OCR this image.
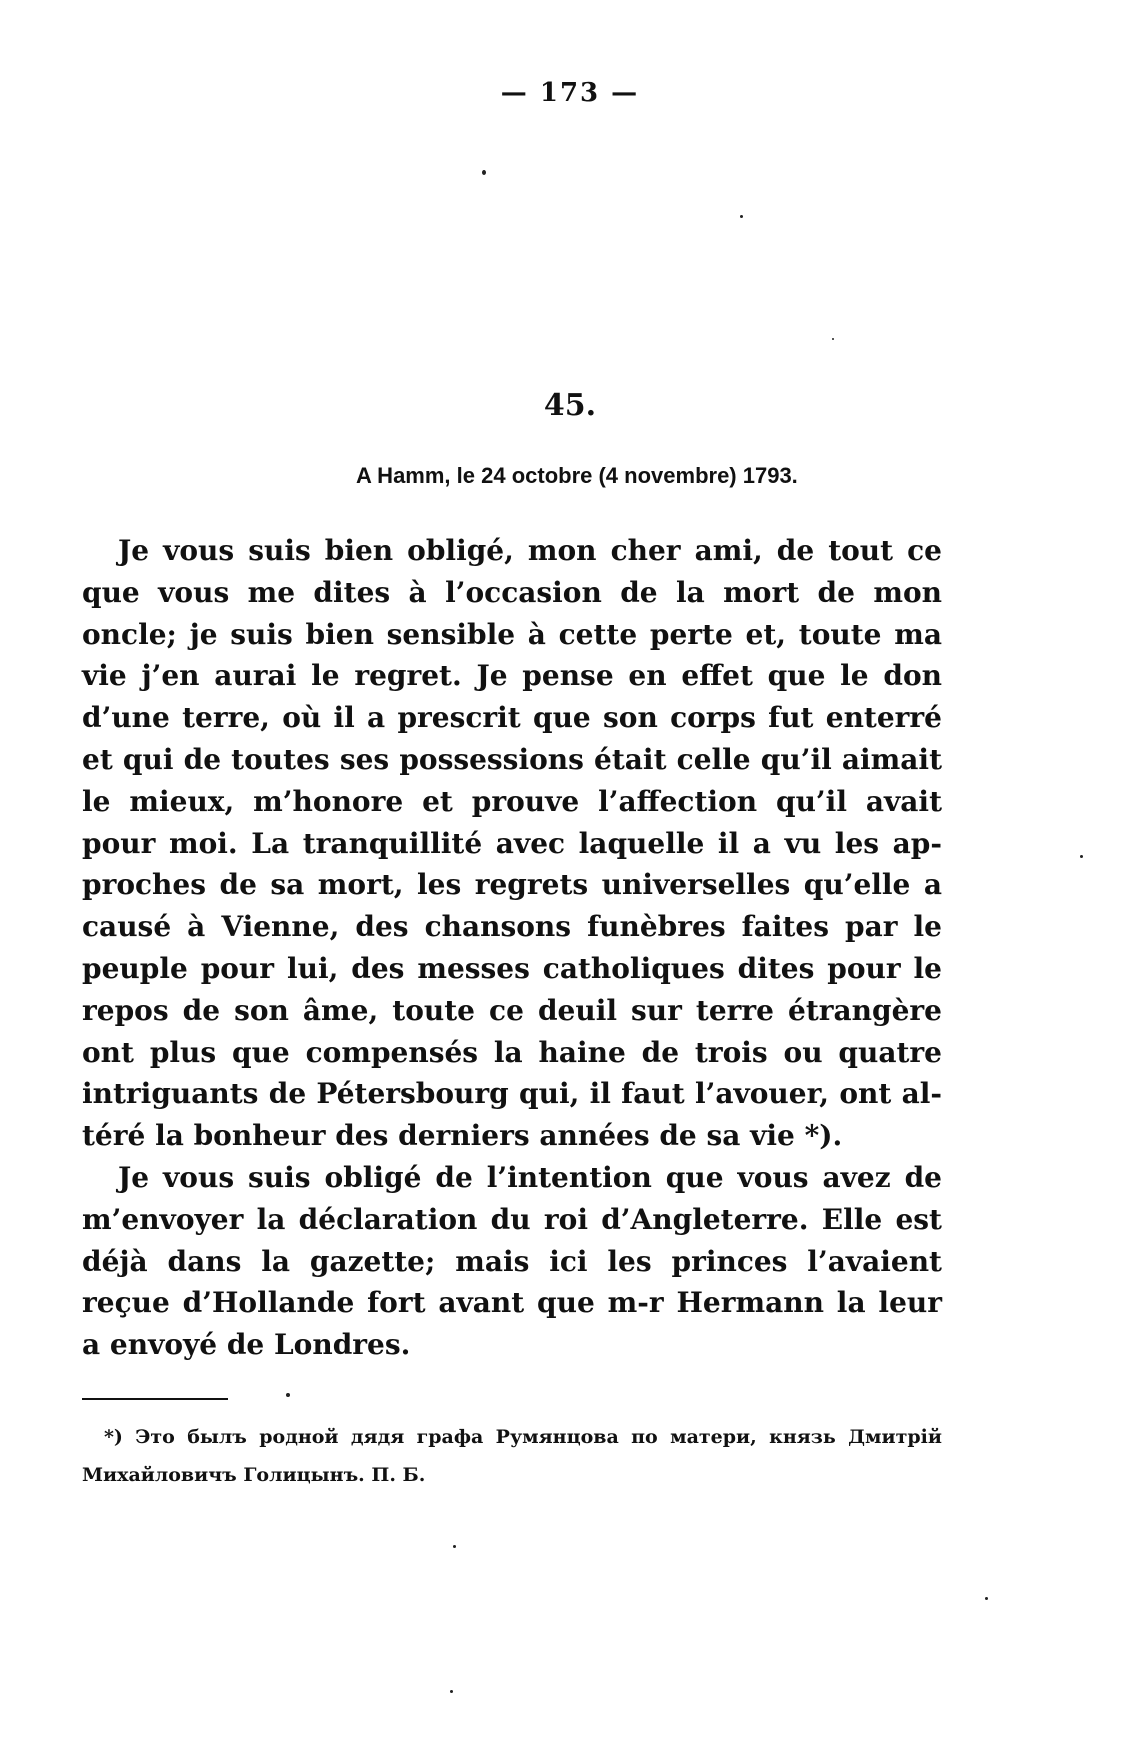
— 173 —
45.
A Hamm, le 24 octobre (4 novembre) 1793.

Je vous suis bien obligé, mon cher ami, de tout ce que vous me dites à l’occasion de la mort de mon oncle; je suis bien sensible à cette perte et, toute ma vie j’en aurai le regret. Je pense en effet que le don d’une terre, où il a prescrit que son corps fut enterré et qui de toutes ses possessions était celle qu’il aimait le mieux, m’honore et prouve l’affection qu’il avait pour moi. La tranquillité avec laquelle il a vu les approches de sa mort, les regrets universelles qu’elle a causé à Vienne, des chansons funèbres faites par le peuple pour lui, des messes catholiques dites pour le repos de son âme, toute ce deuil sur terre étrangère ont plus que compensés la haine de trois ou quatre intriguants de Pétersbourg qui, il faut l’avouer, ont altéré la bonheur des derniers années de sa vie *).

Je vous suis obligé de l’intention que vous avez de m’envoyer la déclaration du roi d’Angleterre. Elle est déjà dans la gazette; mais ici les princes l’avaient reçue d’Hollande fort avant que m-r Hermann la leur a envoyé de Londres.

*) Это былъ родной дядя графа Румянцова по матери, князь Дмитрій Михайловичъ Голицынъ. П. Б.
